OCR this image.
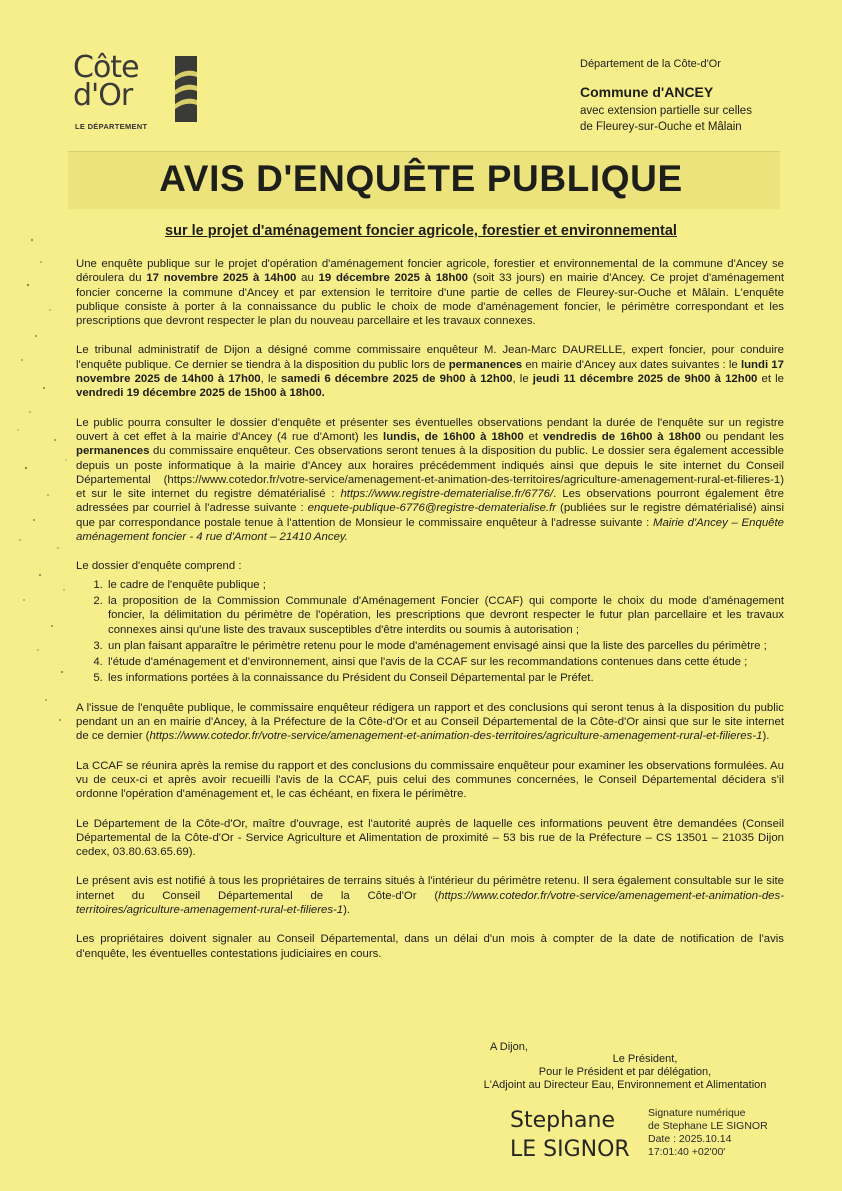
Côte
d'Or
LE DÉPARTEMENT
Département de la Côte-d'Or
Commune d'ANCEY
avec extension partielle sur celles
de Fleurey-sur-Ouche et Mâlain
AVIS D'ENQUÊTE PUBLIQUE
sur le projet d'aménagement foncier agricole, forestier et environnemental

Une enquête publique sur le projet d'opération d'aménagement foncier agricole, forestier et environnemental de la commune d'Ancey se déroulera du 17 novembre 2025 à 14h00 au 19 décembre 2025 à 18h00 (soit 33 jours) en mairie d'Ancey. Ce projet d'aménagement foncier concerne la commune d'Ancey et par extension le territoire d'une partie de celles de Fleurey-sur-Ouche et Mâlain. L'enquête publique consiste à porter à la connaissance du public le choix de mode d'aménagement foncier, le périmètre correspondant et les prescriptions que devront respecter le plan du nouveau parcellaire et les travaux connexes.

Le tribunal administratif de Dijon a désigné comme commissaire enquêteur M. Jean-Marc DAURELLE, expert foncier, pour conduire l'enquête publique. Ce dernier se tiendra à la disposition du public lors de permanences en mairie d'Ancey aux dates suivantes : le lundi 17 novembre 2025 de 14h00 à 17h00, le samedi 6 décembre 2025 de 9h00 à 12h00, le jeudi 11 décembre 2025 de 9h00 à 12h00 et le vendredi 19 décembre 2025 de 15h00 à 18h00.

Le public pourra consulter le dossier d'enquête et présenter ses éventuelles observations pendant la durée de l'enquête sur un registre ouvert à cet effet à la mairie d'Ancey (4 rue d'Amont) les lundis, de 16h00 à 18h00 et vendredis de 16h00 à 18h00 ou pendant les permanences du commissaire enquêteur. Ces observations seront tenues à la disposition du public. Le dossier sera également accessible depuis un poste informatique à la mairie d'Ancey aux horaires précédemment indiqués ainsi que depuis le site internet du Conseil Départemental (https://www.cotedor.fr/votre-service/amenagement-et-animation-des-territoires/agriculture-amenagement-rural-et-filieres-1) et sur le site internet du registre dématérialisé : https://www.registre-dematerialise.fr/6776/. Les observations pourront également être adressées par courriel à l'adresse suivante : enquete-publique-6776@registre-dematerialise.fr (publiées sur le registre dématérialisé) ainsi que par correspondance postale tenue à l'attention de Monsieur le commissaire enquêteur à l'adresse suivante : Mairie d'Ancey – Enquête aménagement foncier - 4 rue d'Amont – 21410 Ancey.

Le dossier d'enquête comprend :

1. le cadre de l'enquête publique ;
2. la proposition de la Commission Communale d'Aménagement Foncier (CCAF) qui comporte le choix du mode d'aménagement foncier, la délimitation du périmètre de l'opération, les prescriptions que devront respecter le futur plan parcellaire et les travaux connexes ainsi qu'une liste des travaux susceptibles d'être interdits ou soumis à autorisation ;
3. un plan faisant apparaître le périmètre retenu pour le mode d'aménagement envisagé ainsi que la liste des parcelles du périmètre ;
4. l'étude d'aménagement et d'environnement, ainsi que l'avis de la CCAF sur les recommandations contenues dans cette étude ;
5. les informations portées à la connaissance du Président du Conseil Départemental par le Préfet.

A l'issue de l'enquête publique, le commissaire enquêteur rédigera un rapport et des conclusions qui seront tenus à la disposition du public pendant un an en mairie d'Ancey, à la Préfecture de la Côte-d'Or et au Conseil Départemental de la Côte-d'Or ainsi que sur le site internet de ce dernier (https://www.cotedor.fr/votre-service/amenagement-et-animation-des-territoires/agriculture-amenagement-rural-et-filieres-1).

La CCAF se réunira après la remise du rapport et des conclusions du commissaire enquêteur pour examiner les observations formulées. Au vu de ceux-ci et après avoir recueilli l'avis de la CCAF, puis celui des communes concernées, le Conseil Départemental décidera s'il ordonne l'opération d'aménagement et, le cas échéant, en fixera le périmètre.

Le Département de la Côte-d'Or, maître d'ouvrage, est l'autorité auprès de laquelle ces informations peuvent être demandées (Conseil Départemental de la Côte-d'Or - Service Agriculture et Alimentation de proximité – 53 bis rue de la Préfecture – CS 13501 – 21035 Dijon cedex, 03.80.63.65.69).

Le présent avis est notifié à tous les propriétaires de terrains situés à l'intérieur du périmètre retenu. Il sera également consultable sur le site internet du Conseil Départemental de la Côte-d'Or (https://www.cotedor.fr/votre-service/amenagement-et-animation-des-territoires/agriculture-amenagement-rural-et-filieres-1).

Les propriétaires doivent signaler au Conseil Départemental, dans un délai d'un mois à compter de la date de notification de l'avis d'enquête, les éventuelles contestations judiciaires en cours.

A Dijon,
Le Président,
Pour le Président et par délégation,
L'Adjoint au Directeur Eau, Environnement et Alimentation
Stephane
LE SIGNOR
Signature numérique
de Stephane LE SIGNOR
Date : 2025.10.14
17:01:40 +02'00'
